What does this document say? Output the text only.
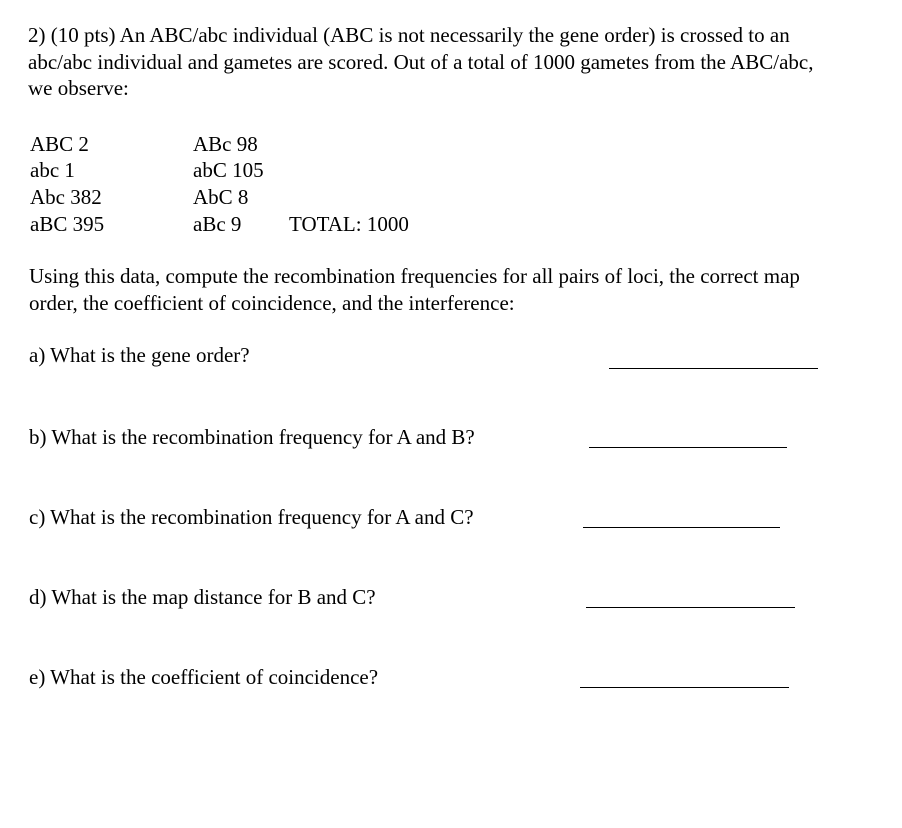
2) (10 pts) An ABC/abc individual (ABC is not necessarily the gene order) is crossed to an
abc/abc individual and gametes are scored. Out of a total of 1000 gametes from the ABC/abc,
we observe:
ABC 2
abc 1
Abc 382
aBC 395
ABc 98
abC 105
AbC 8
aBc 9 TOTAL: 1000
Using this data, compute the recombination frequencies for all pairs of loci, the correct map
order, the coefficient of coincidence, and the interference:
a) What is the gene order?
b) What is the recombination frequency for A and B?
c) What is the recombination frequency for A and C?
d) What is the map distance for B and C?
e) What is the coefficient of coincidence?
